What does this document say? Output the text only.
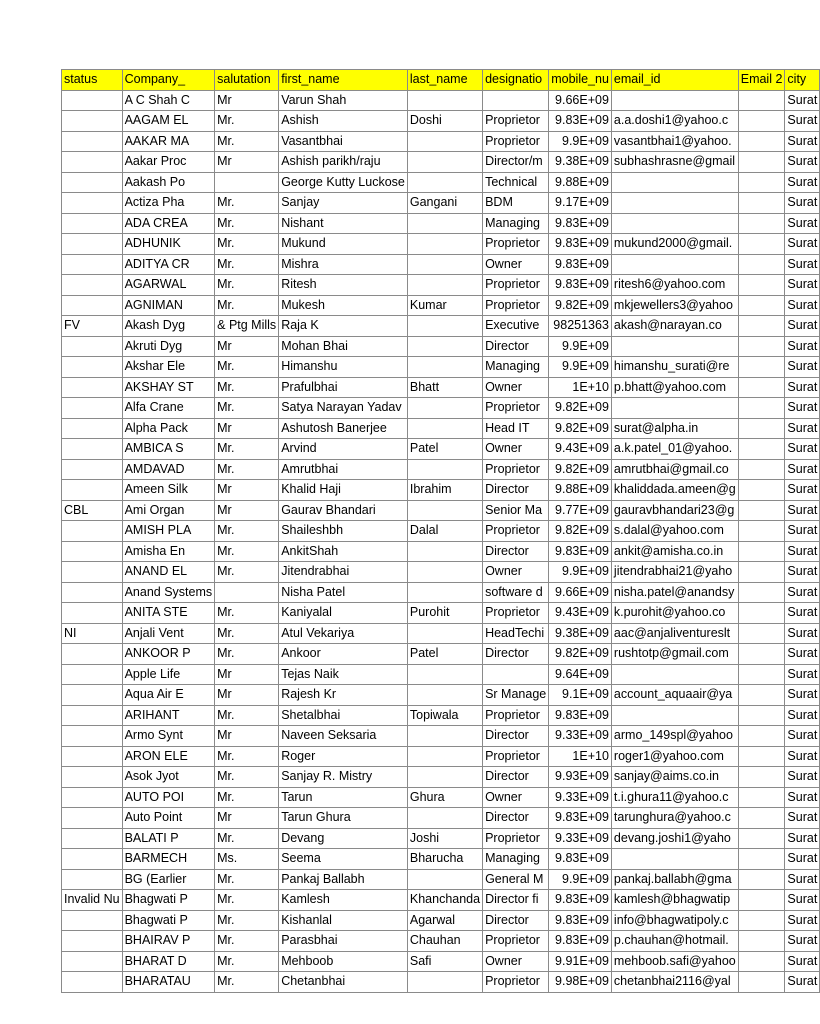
status	Company_	salutation	first_name	last_name	designatio	mobile_nu	email_id	Email 2	city
	A C Shah C	Mr	Varun Shah			9.66E+09			Surat
	AAGAM EL	Mr.	Ashish	Doshi	Proprietor	9.83E+09	a.a.doshi1@yahoo.c		Surat
	AAKAR MA	Mr.	Vasantbhai		Proprietor	9.9E+09	vasantbhai1@yahoo.		Surat
	Aakar Proc	Mr	Ashish parikh/raju		Director/m	9.38E+09	subhashrasne@gmail		Surat
	Aakash Po		George Kutty Luckose		Technical	9.88E+09			Surat
	Actiza Pha	Mr.	Sanjay	Gangani	BDM	9.17E+09			Surat
	ADA CREA	Mr.	Nishant		Managing	9.83E+09			Surat
	ADHUNIK	Mr.	Mukund		Proprietor	9.83E+09	mukund2000@gmail.		Surat
	ADITYA CR	Mr.	Mishra		Owner	9.83E+09			Surat
	AGARWAL	Mr.	Ritesh		Proprietor	9.83E+09	ritesh6@yahoo.com		Surat
	AGNIMAN	Mr.	Mukesh	Kumar	Proprietor	9.82E+09	mkjewellers3@yahoo		Surat
FV	Akash Dyg	& Ptg Mills	Raja K		Executive	98251363	akash@narayan.co		Surat
	Akruti Dyg	Mr	Mohan Bhai		Director	9.9E+09			Surat
	Akshar Ele	Mr.	Himanshu		Managing	9.9E+09	himanshu_surati@re		Surat
	AKSHAY ST	Mr.	Prafulbhai	Bhatt	Owner	1E+10	p.bhatt@yahoo.com		Surat
	Alfa Crane	Mr.	Satya Narayan Yadav		Proprietor	9.82E+09			Surat
	Alpha Pack	Mr	Ashutosh Banerjee		Head IT	9.82E+09	surat@alpha.in		Surat
	AMBICA S	Mr.	Arvind	Patel	Owner	9.43E+09	a.k.patel_01@yahoo.		Surat
	AMDAVAD	Mr.	Amrutbhai		Proprietor	9.82E+09	amrutbhai@gmail.co		Surat
	Ameen Silk	Mr	Khalid Haji	Ibrahim	Director	9.88E+09	khaliddada.ameen@g		Surat
CBL	Ami Organ	Mr	Gaurav Bhandari		Senior Ma	9.77E+09	gauravbhandari23@g		Surat
	AMISH PLA	Mr.	Shaileshbh	Dalal	Proprietor	9.82E+09	s.dalal@yahoo.com		Surat
	Amisha En	Mr.	AnkitShah		Director	9.83E+09	ankit@amisha.co.in		Surat
	ANAND EL	Mr.	Jitendrabhai		Owner	9.9E+09	jitendrabhai21@yaho		Surat
	Anand Systems		Nisha Patel		software d	9.66E+09	nisha.patel@anandsy		Surat
	ANITA STE	Mr.	Kaniyalal	Purohit	Proprietor	9.43E+09	k.purohit@yahoo.co		Surat
NI	Anjali Vent	Mr.	Atul Vekariya		HeadTechi	9.38E+09	aac@anjaliventureslt		Surat
	ANKOOR P	Mr.	Ankoor	Patel	Director	9.82E+09	rushtotp@gmail.com		Surat
	Apple Life	Mr	Tejas Naik			9.64E+09			Surat
	Aqua Air E	Mr	Rajesh Kr		Sr Manage	9.1E+09	account_aquaair@ya		Surat
	ARIHANT	Mr.	Shetalbhai	Topiwala	Proprietor	9.83E+09			Surat
	Armo Synt	Mr	Naveen Seksaria		Director	9.33E+09	armo_149spl@yahoo		Surat
	ARON ELE	Mr.	Roger		Proprietor	1E+10	roger1@yahoo.com		Surat
	Asok Jyot	Mr.	Sanjay R. Mistry		Director	9.93E+09	sanjay@aims.co.in		Surat
	AUTO POI	Mr.	Tarun	Ghura	Owner	9.33E+09	t.i.ghura11@yahoo.c		Surat
	Auto Point	Mr	Tarun Ghura		Director	9.83E+09	tarunghura@yahoo.c		Surat
	BALATI P	Mr.	Devang	Joshi	Proprietor	9.33E+09	devang.joshi1@yaho		Surat
	BARMECH	Ms.	Seema	Bharucha	Managing	9.83E+09			Surat
	BG (Earlier	Mr.	Pankaj Ballabh		General M	9.9E+09	pankaj.ballabh@gma		Surat
Invalid Nu	Bhagwati P	Mr.	Kamlesh	Khanchanda	Director fi	9.83E+09	kamlesh@bhagwatip		Surat
	Bhagwati P	Mr.	Kishanlal	Agarwal	Director	9.83E+09	info@bhagwatipoly.c		Surat
	BHAIRAV P	Mr.	Parasbhai	Chauhan	Proprietor	9.83E+09	p.chauhan@hotmail.		Surat
	BHARAT D	Mr.	Mehboob	Safi	Owner	9.91E+09	mehboob.safi@yahoo		Surat
	BHARATAU	Mr.	Chetanbhai		Proprietor	9.98E+09	chetanbhai2116@yal		Surat
